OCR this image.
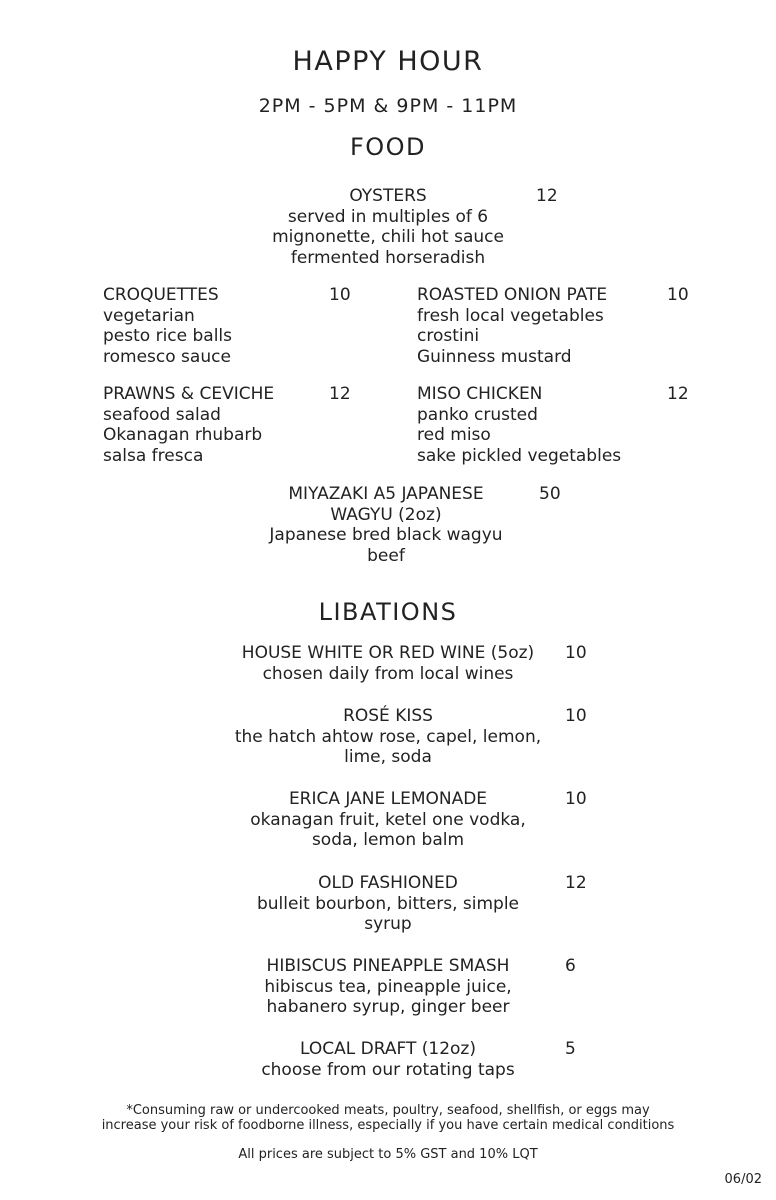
HAPPY HOUR
2PM - 5PM & 9PM - 11PM
FOOD
OYSTERS
served in multiples of 6
mignonette, chili hot sauce
fermented horseradish
12
CROQUETTES
vegetarian
pesto rice balls
romesco sauce
10	ROASTED ONION PATE
fresh local vegetables
crostini
Guinness mustard
10
PRAWNS & CEVICHE
seafood salad
Okanagan rhubarb
salsa fresca
12	MISO CHICKEN
panko crusted
red miso
sake pickled vegetables
12
MIYAZAKI A5 JAPANESE
WAGYU (2oz)
Japanese bred black wagyu
beef
50
LIBATIONS
HOUSE WHITE OR RED WINE (5oz)
chosen daily from local wines
10
ROSÉ KISS
the hatch ahtow rose, capel, lemon,
lime, soda
10
ERICA JANE LEMONADE
okanagan fruit, ketel one vodka,
soda, lemon balm
10
OLD FASHIONED
bulleit bourbon, bitters, simple
syrup
12
HIBISCUS PINEAPPLE SMASH
hibiscus tea, pineapple juice,
habanero syrup, ginger beer
6
LOCAL DRAFT (12oz)
choose from our rotating taps
5
*Consuming raw or undercooked meats, poultry, seafood, shellfish, or eggs may
increase your risk of foodborne illness, especially if you have certain medical conditions
All prices are subject to 5% GST and 10% LQT
06/02
